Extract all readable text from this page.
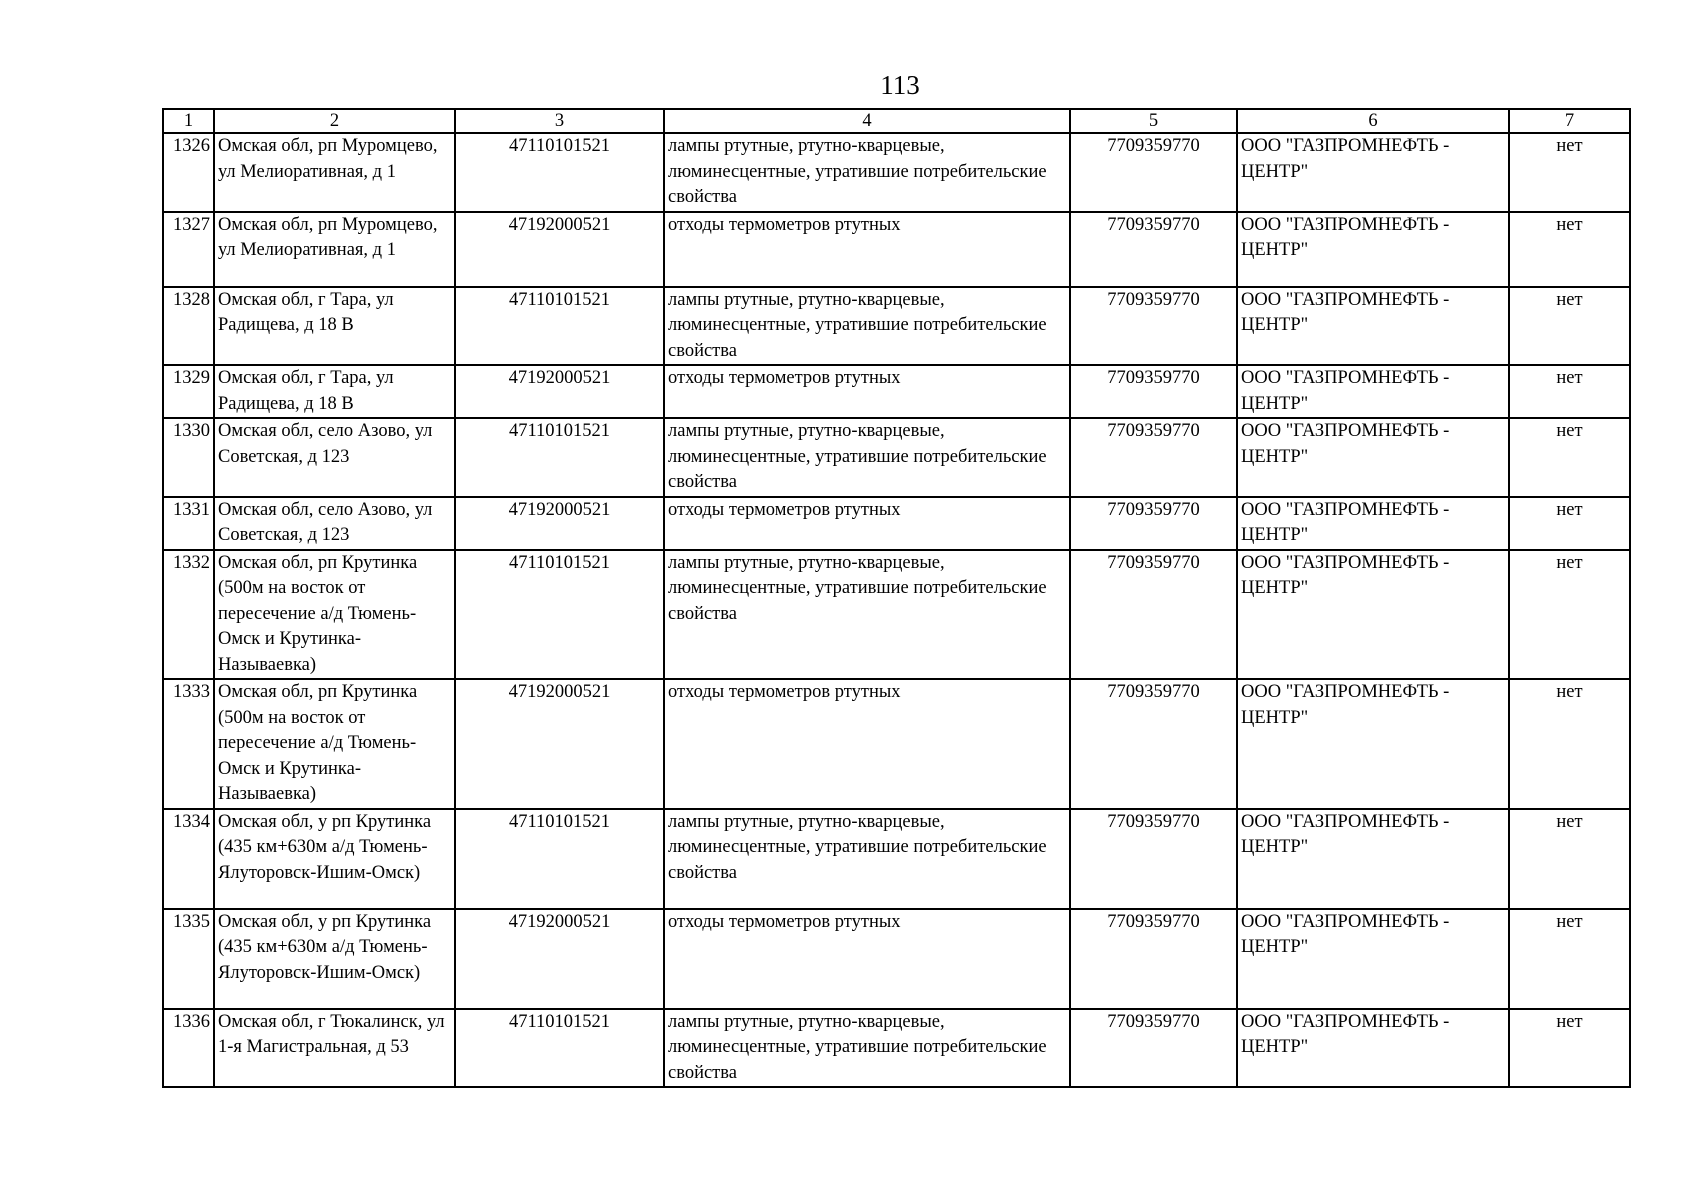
113
1	2	3	4	5	6	7
1326	Омская обл, рп Муромцево, ул Мелиоративная, д 1	47110101521	лампы ртутные, ртутно-кварцевые, люминесцентные, утратившие потребительские свойства	7709359770	ООО "ГАЗПРОМНЕФТЬ - ЦЕНТР"	нет
1327	Омская обл, рп Муромцево, ул Мелиоративная, д 1	47192000521	отходы термометров ртутных	7709359770	ООО "ГАЗПРОМНЕФТЬ - ЦЕНТР"	нет
1328	Омская обл, г Тара, ул Радищева, д 18 В	47110101521	лампы ртутные, ртутно-кварцевые, люминесцентные, утратившие потребительские свойства	7709359770	ООО "ГАЗПРОМНЕФТЬ - ЦЕНТР"	нет
1329	Омская обл, г Тара, ул Радищева, д 18 В	47192000521	отходы термометров ртутных	7709359770	ООО "ГАЗПРОМНЕФТЬ - ЦЕНТР"	нет
1330	Омская обл, село Азово, ул Советская, д 123	47110101521	лампы ртутные, ртутно-кварцевые, люминесцентные, утратившие потребительские свойства	7709359770	ООО "ГАЗПРОМНЕФТЬ - ЦЕНТР"	нет
1331	Омская обл, село Азово, ул Советская, д 123	47192000521	отходы термометров ртутных	7709359770	ООО "ГАЗПРОМНЕФТЬ - ЦЕНТР"	нет
1332	Омская обл, рп Крутинка (500м на восток от пересечение а/д Тюмень-Омск и Крутинка-Называевка)	47110101521	лампы ртутные, ртутно-кварцевые, люминесцентные, утратившие потребительские свойства	7709359770	ООО "ГАЗПРОМНЕФТЬ - ЦЕНТР"	нет
1333	Омская обл, рп Крутинка (500м на восток от пересечение а/д Тюмень-Омск и Крутинка-Называевка)	47192000521	отходы термометров ртутных	7709359770	ООО "ГАЗПРОМНЕФТЬ - ЦЕНТР"	нет
1334	Омская обл, у рп Крутинка (435 км+630м а/д Тюмень-Ялуторовск-Ишим-Омск)	47110101521	лампы ртутные, ртутно-кварцевые, люминесцентные, утратившие потребительские свойства	7709359770	ООО "ГАЗПРОМНЕФТЬ - ЦЕНТР"	нет
1335	Омская обл, у рп Крутинка (435 км+630м а/д Тюмень-Ялуторовск-Ишим-Омск)	47192000521	отходы термометров ртутных	7709359770	ООО "ГАЗПРОМНЕФТЬ - ЦЕНТР"	нет
1336	Омская обл, г Тюкалинск, ул 1-я Магистральная, д 53	47110101521	лампы ртутные, ртутно-кварцевые, люминесцентные, утратившие потребительские свойства	7709359770	ООО "ГАЗПРОМНЕФТЬ - ЦЕНТР"	нет
